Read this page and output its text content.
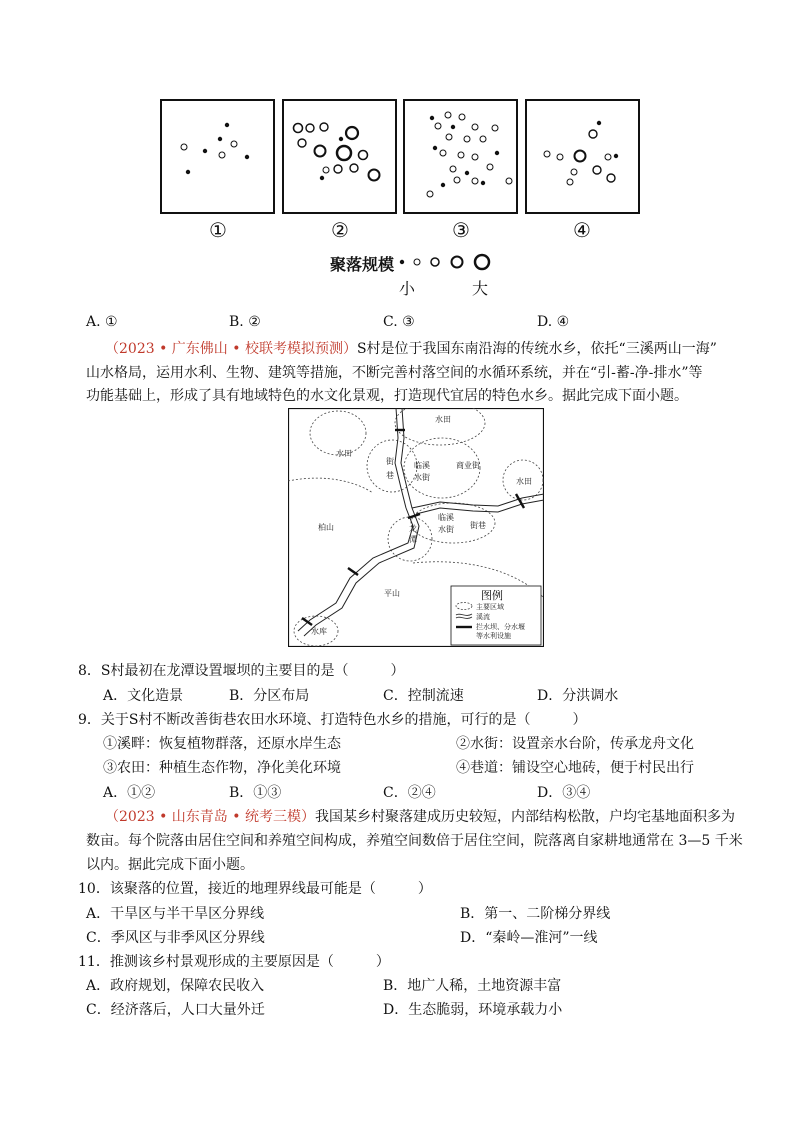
①	②	③	④
聚落规模
小	大
A. ①	B. ②	C. ③	D. ④
（2023 • 广东佛山 • 校联考模拟预测）S村是位于我国东南沿海的传统水乡，依托“三溪两山一海”
山水格局，运用水利、生物、建筑等措施，不断完善村落空间的水循环系统，并在“引-蓄-净-排水”等
功能基础上，形成了具有地域特色的水文化景观，打造现代宜居的特色水乡。据此完成下面小题。
水田
水田
水田
商业街
街
巷
临溪
水街
临溪
水街 街巷
柏山	龙
潭
平山
水库
图例
主要区域
溪流
拦水坝、分水堰
等水利设施
8．S村最初在龙潭设置堰坝的主要目的是（　　　）
A．文化造景	B．分区布局	C．控制流速	D．分洪调水
9．关于S村不断改善街巷农田水环境、打造特色水乡的措施，可行的是（　　　）
①溪畔：恢复植物群落，还原水岸生态	②水街：设置亲水台阶，传承龙舟文化
③农田：种植生态作物，净化美化环境	④巷道：铺设空心地砖，便于村民出行
A．①②	B．①③	C．②④	D．③④
（2023 • 山东青岛 • 统考三模）我国某乡村聚落建成历史较短，内部结构松散，户均宅基地面积多为
数亩。每个院落由居住空间和养殖空间构成，养殖空间数倍于居住空间，院落离自家耕地通常在 3—5 千米
以内。据此完成下面小题。
10．该聚落的位置，接近的地理界线最可能是（　　　）
A．干旱区与半干旱区分界线	B．第一、二阶梯分界线
C．季风区与非季风区分界线	D．“秦岭—淮河”一线
11．推测该乡村景观形成的主要原因是（　　　）
A．政府规划，保障农民收入	B．地广人稀，土地资源丰富
C．经济落后，人口大量外迁	D．生态脆弱，环境承载力小
